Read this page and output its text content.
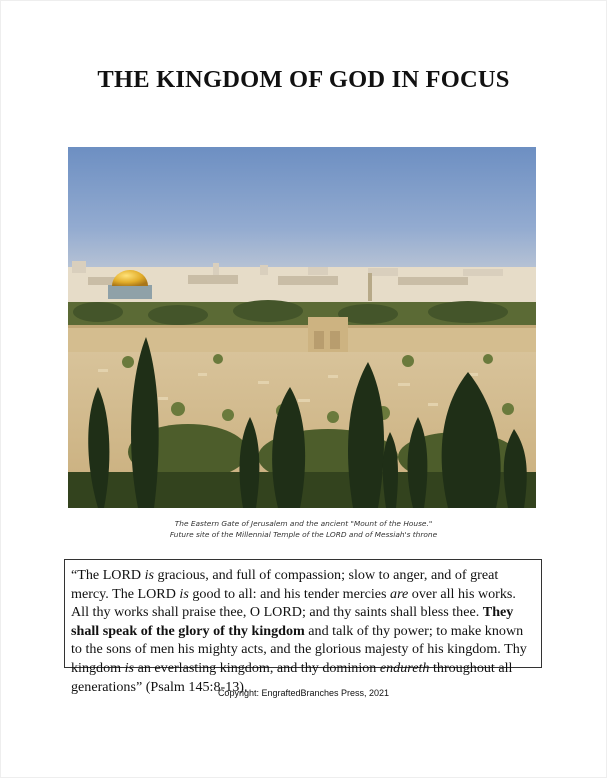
THE KINGDOM OF GOD IN FOCUS
The Eastern Gate of Jerusalem and the ancient "Mount of the House."
Future site of the Millennial Temple of the LORD and of Messiah's throne
“The LORD is gracious, and full of compassion; slow to anger, and of great mercy. The LORD is good to all: and his tender mercies are over all his works. All thy works shall praise thee, O LORD; and thy saints shall bless thee. They shall speak of the glory of thy kingdom and talk of thy power; to make known to the sons of men his mighty acts, and the glorious majesty of his kingdom. Thy kingdom is an everlasting kingdom, and thy dominion endureth throughout all generations” (Psalm 145:8-13).
Copyright: EngraftedBranches Press, 2021
